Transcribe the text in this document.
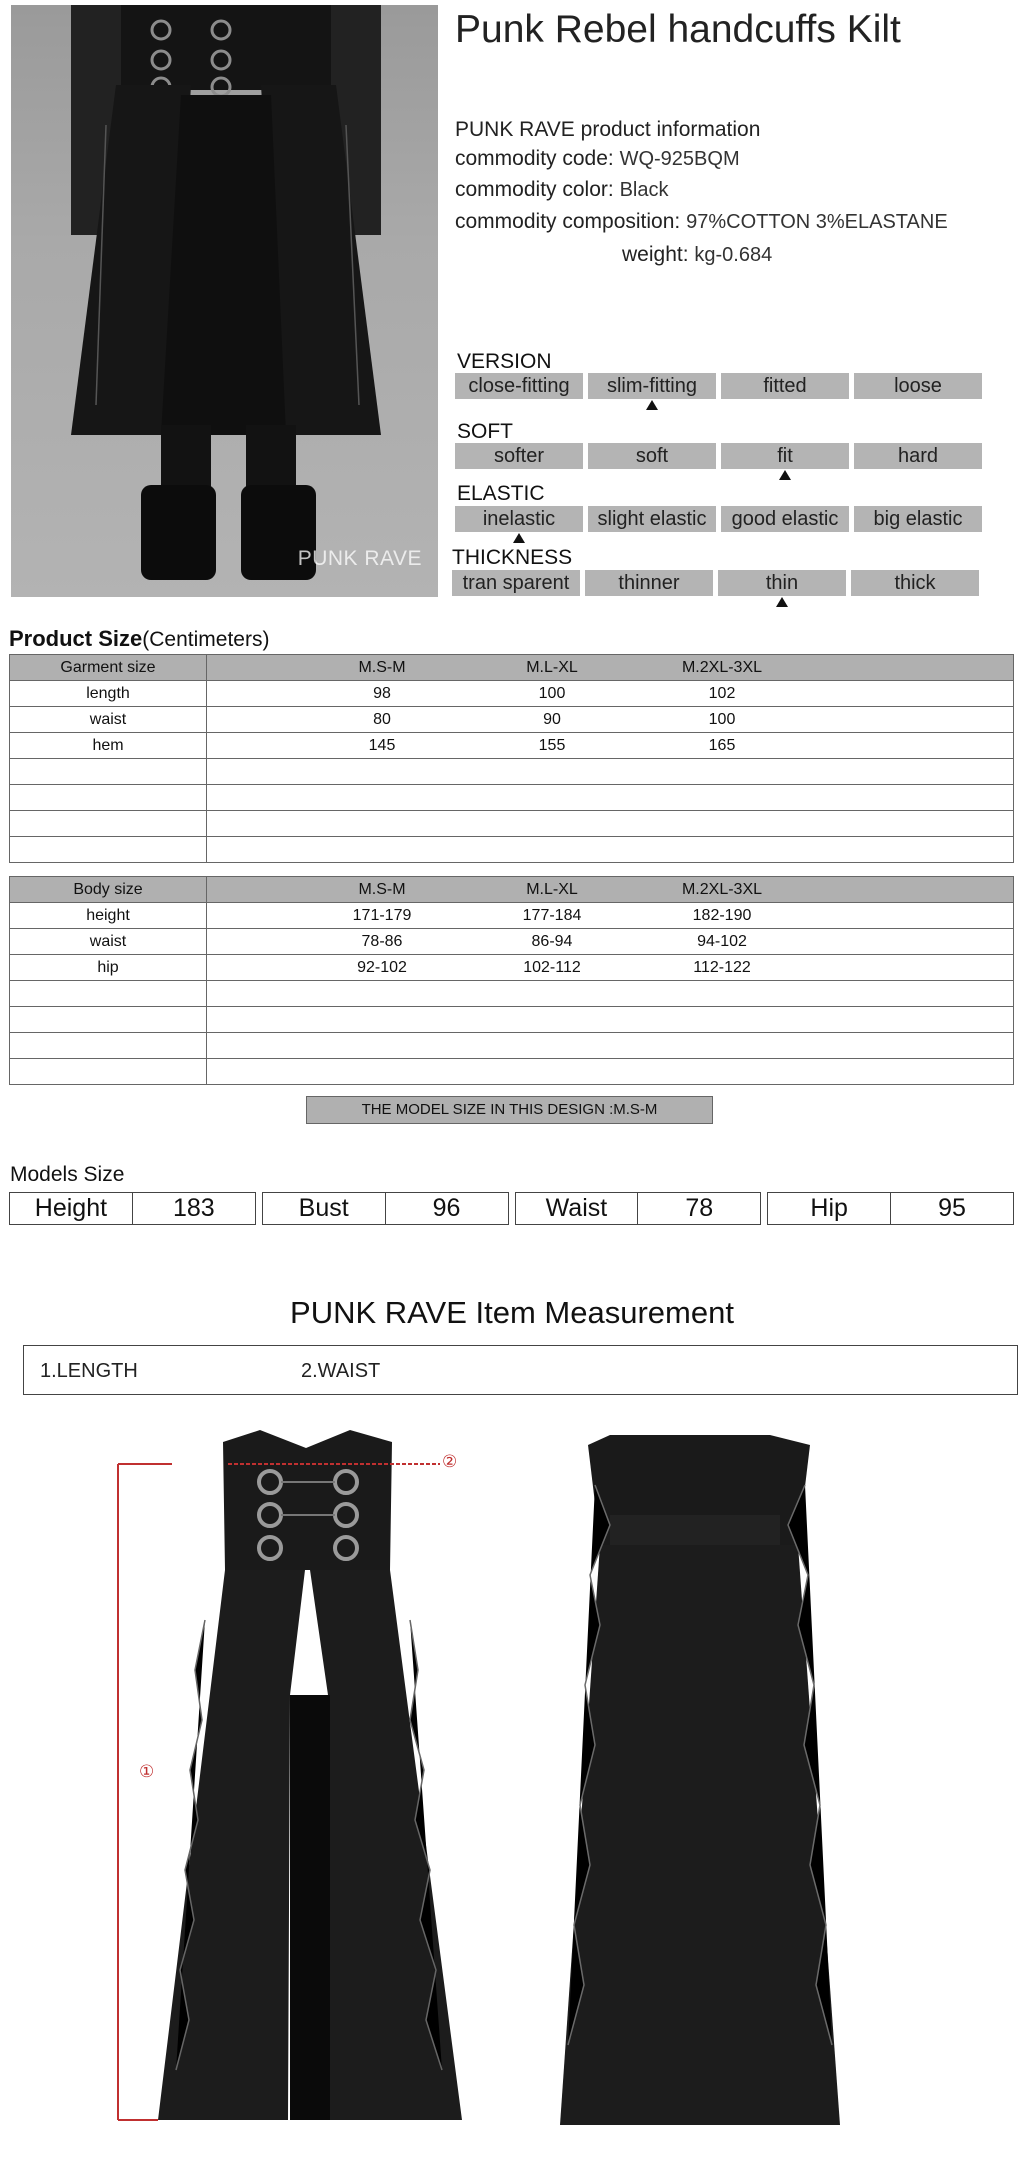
PUNK RAVE
Punk Rebel handcuffs Kilt
PUNK RAVE product information
commodity code: WQ-925BQM
commodity color: Black
commodity composition: 97%COTTON 3%ELASTANE
weight: kg-0.684
VERSION
close-fitting	slim-fitting	fitted	loose
SOFT
softer	soft	fit	hard
ELASTIC
inelastic	slight elastic	good elastic	big elastic
THICKNESS
tran sparent	thinner	thin	thick
Product Size(Centimeters)
Garment size	M.S-M M.L-XL M.2XL-3XL

length	98 100 102

waist	80 90 100

hem	145 155 165

Body size	M.S-M M.L-XL M.2XL-3XL

height	171-179 177-184 182-190

waist	78-86 86-94 94-102

hip	92-102 102-112 112-122

THE MODEL SIZE IN THIS DESIGN :M.S-M
Models Size
Height	183	Bust	96	Waist	78	Hip	95
PUNK RAVE Item Measurement
1.LENGTH	2.WAIST
①
②
